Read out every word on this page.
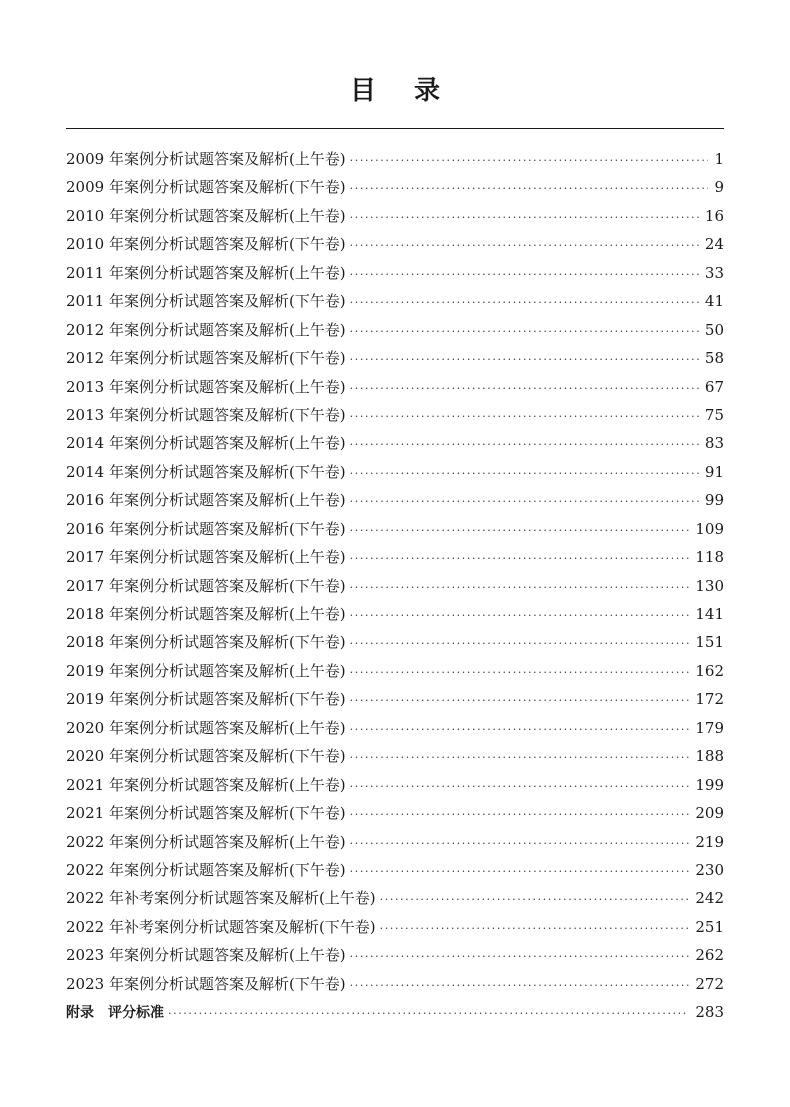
目 录
2009 年案例分析试题答案及解析(上午卷) ·····	1
2009 年案例分析试题答案及解析(下午卷) ·····	9
2010 年案例分析试题答案及解析(上午卷) ·····	16
2010 年案例分析试题答案及解析(下午卷) ·····	24
2011 年案例分析试题答案及解析(上午卷) ·····	33
2011 年案例分析试题答案及解析(下午卷) ·····	41
2012 年案例分析试题答案及解析(上午卷) ·····	50
2012 年案例分析试题答案及解析(下午卷) ·····	58
2013 年案例分析试题答案及解析(上午卷) ·····	67
2013 年案例分析试题答案及解析(下午卷) ·····	75
2014 年案例分析试题答案及解析(上午卷) ·····	83
2014 年案例分析试题答案及解析(下午卷) ·····	91
2016 年案例分析试题答案及解析(上午卷) ·····	99
2016 年案例分析试题答案及解析(下午卷) ·····	109
2017 年案例分析试题答案及解析(上午卷) ·····	118
2017 年案例分析试题答案及解析(下午卷) ·····	130
2018 年案例分析试题答案及解析(上午卷) ·····	141
2018 年案例分析试题答案及解析(下午卷) ·····	151
2019 年案例分析试题答案及解析(上午卷) ·····	162
2019 年案例分析试题答案及解析(下午卷) ·····	172
2020 年案例分析试题答案及解析(上午卷) ·····	179
2020 年案例分析试题答案及解析(下午卷) ·····	188
2021 年案例分析试题答案及解析(上午卷) ·····	199
2021 年案例分析试题答案及解析(下午卷) ·····	209
2022 年案例分析试题答案及解析(上午卷) ·····	219
2022 年案例分析试题答案及解析(下午卷) ·····	230
2022 年补考案例分析试题答案及解析(上午卷) ·····	242
2022 年补考案例分析试题答案及解析(下午卷) ·····	251
2023 年案例分析试题答案及解析(上午卷) ·····	262
2023 年案例分析试题答案及解析(下午卷) ·····	272
附录 评分标准 ·····	283
